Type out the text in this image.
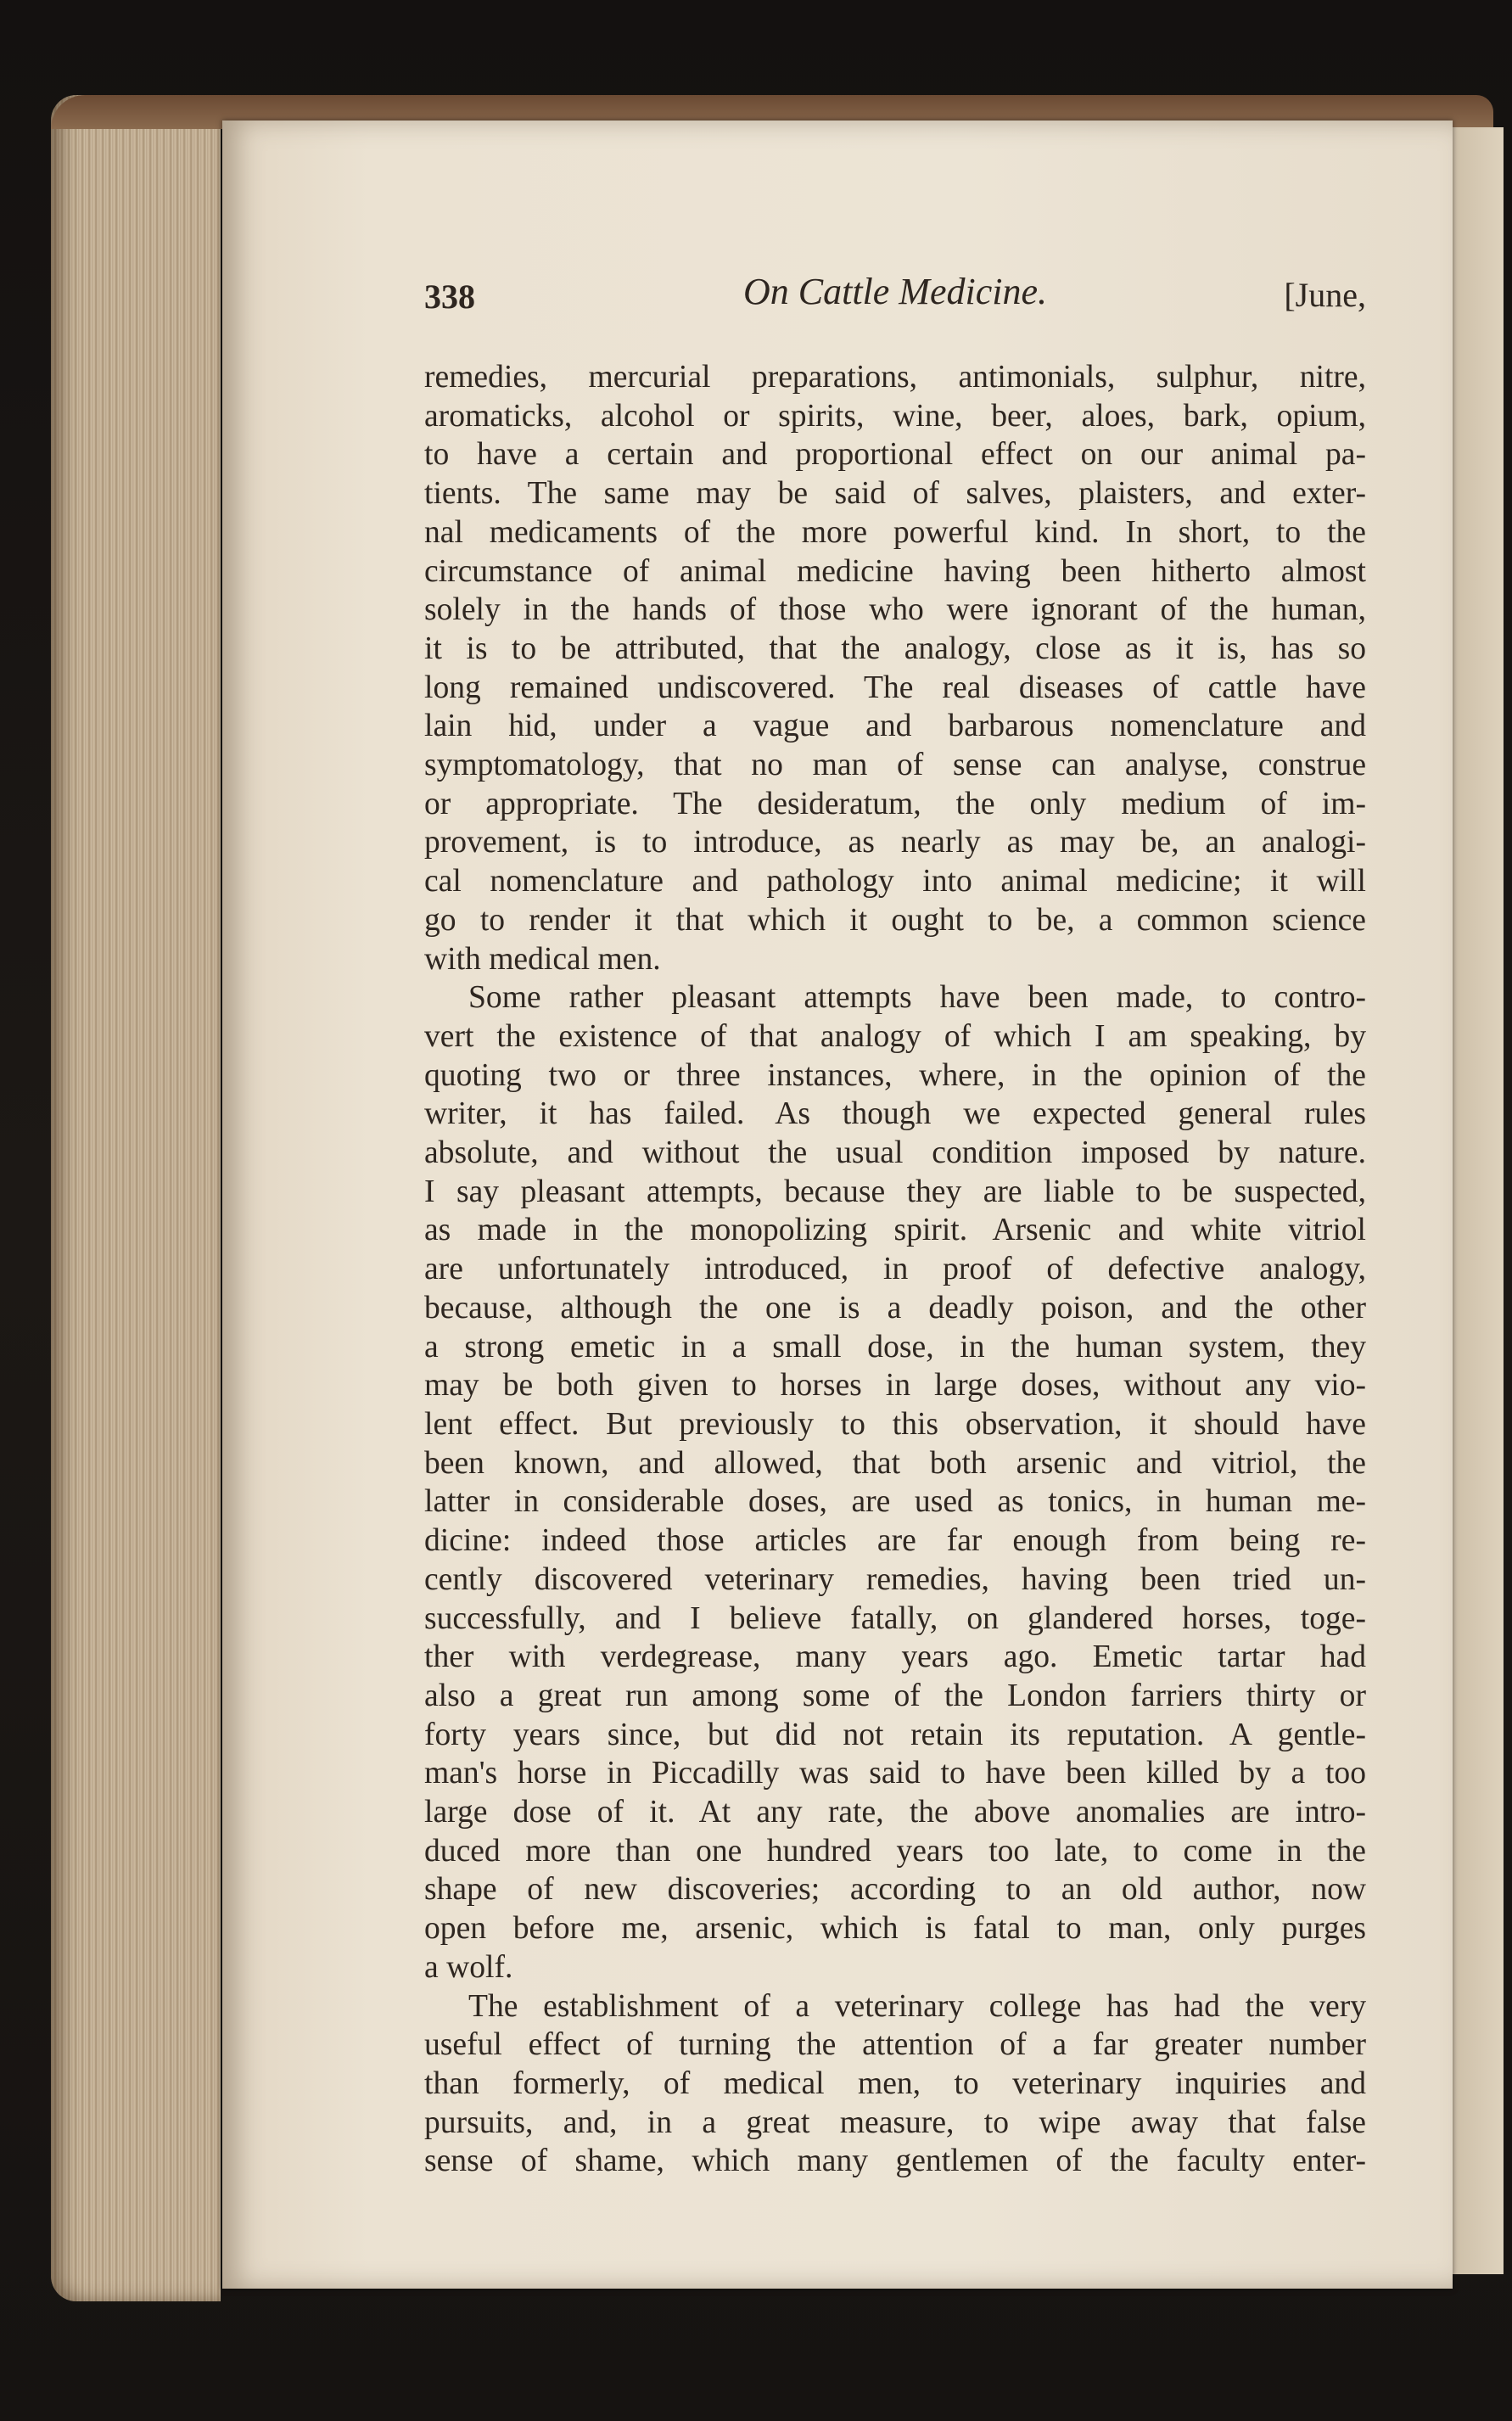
338	On Cattle Medicine.	[June,

remedies, mercurial preparations, antimonials, sulphur, nitre,
aromaticks, alcohol or spirits, wine, beer, aloes, bark, opium,
to have a certain and proportional effect on our animal pa-
tients. The same may be said of salves, plaisters, and exter-
nal medicaments of the more powerful kind. In short, to the
circumstance of animal medicine having been hitherto almost
solely in the hands of those who were ignorant of the human,
it is to be attributed, that the analogy, close as it is, has so
long remained undiscovered. The real diseases of cattle have
lain hid, under a vague and barbarous nomenclature and
symptomatology, that no man of sense can analyse, construe
or appropriate. The desideratum, the only medium of im-
provement, is to introduce, as nearly as may be, an analogi-
cal nomenclature and pathology into animal medicine; it will
go to render it that which it ought to be, a common science
with medical men.

Some rather pleasant attempts have been made, to contro-
vert the existence of that analogy of which I am speaking, by
quoting two or three instances, where, in the opinion of the
writer, it has failed. As though we expected general rules
absolute, and without the usual condition imposed by nature.
I say pleasant attempts, because they are liable to be suspected,
as made in the monopolizing spirit. Arsenic and white vitriol
are unfortunately introduced, in proof of defective analogy,
because, although the one is a deadly poison, and the other
a strong emetic in a small dose, in the human system, they
may be both given to horses in large doses, without any vio-
lent effect. But previously to this observation, it should have
been known, and allowed, that both arsenic and vitriol, the
latter in considerable doses, are used as tonics, in human me-
dicine: indeed those articles are far enough from being re-
cently discovered veterinary remedies, having been tried un-
successfully, and I believe fatally, on glandered horses, toge-
ther with verdegrease, many years ago. Emetic tartar had
also a great run among some of the London farriers thirty or
forty years since, but did not retain its reputation. A gentle-
man's horse in Piccadilly was said to have been killed by a too
large dose of it. At any rate, the above anomalies are intro-
duced more than one hundred years too late, to come in the
shape of new discoveries; according to an old author, now
open before me, arsenic, which is fatal to man, only purges
a wolf.

The establishment of a veterinary college has had the very
useful effect of turning the attention of a far greater number
than formerly, of medical men, to veterinary inquiries and
pursuits, and, in a great measure, to wipe away that false
sense of shame, which many gentlemen of the faculty enter-
